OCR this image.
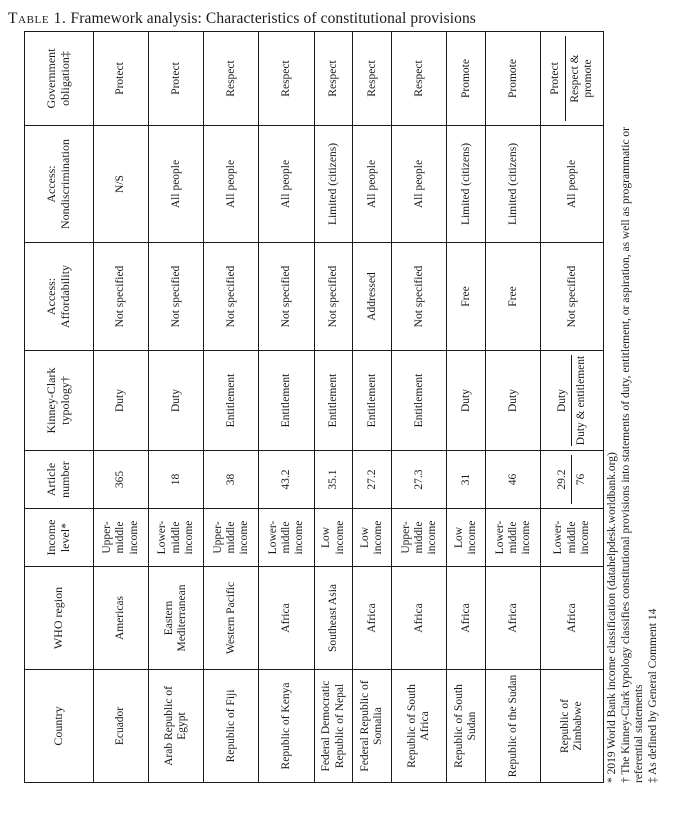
Table 1. Framework analysis: Characteristics of constitutional provisions
Country	WHO region	Income level*	Article number	Kinney-Clark typology†	Access: Affordability	Access: Nondiscrimination	Government obligation‡
Ecuador	Americas	Upper-middle income	365	Duty	Not specified	N/S	Protect

Arab Republic of Egypt	Eastern Mediterranean	Lower-middle income	18	Duty	Not specified	All people	Protect

Republic of Fiji	Western Pacific	Upper-middle income	38	Entitlement	Not specified	All people	Respect

Republic of Kenya	Africa	Lower-middle income	43.2	Entitlement	Not specified	All people	Respect

Federal Democratic Republic of Nepal	Southeast Asia	Low income	35.1	Entitlement	Not specified	Limited (citizens)	Respect

Federal Republic of Somalia	Africa	Low income	27.2	Entitlement	Addressed	All people	Respect

Republic of South Africa	Africa	Upper-middle income	27.3	Entitlement	Not specified	All people	Respect

Republic of South Sudan	Africa	Low income	31	Duty	Free	Limited (citizens)	Promote

Republic of the Sudan	Africa	Lower-middle income	46	Duty	Free	Limited (citizens)	Promote

Republic of Zimbabwe	Africa	Lower-middle income	29.2 76	Duty Duty & entitlement	Not specified	All people	Protect Respect & promote
* 2019 World Bank income classification (datahelpdesk.worldbank.org) † The Kinney-Clark typology classifies constitutional provisions into statements of duty, entitlement, or aspiration, as well as programmatic or referential statements ‡ As defined by General Comment 14
